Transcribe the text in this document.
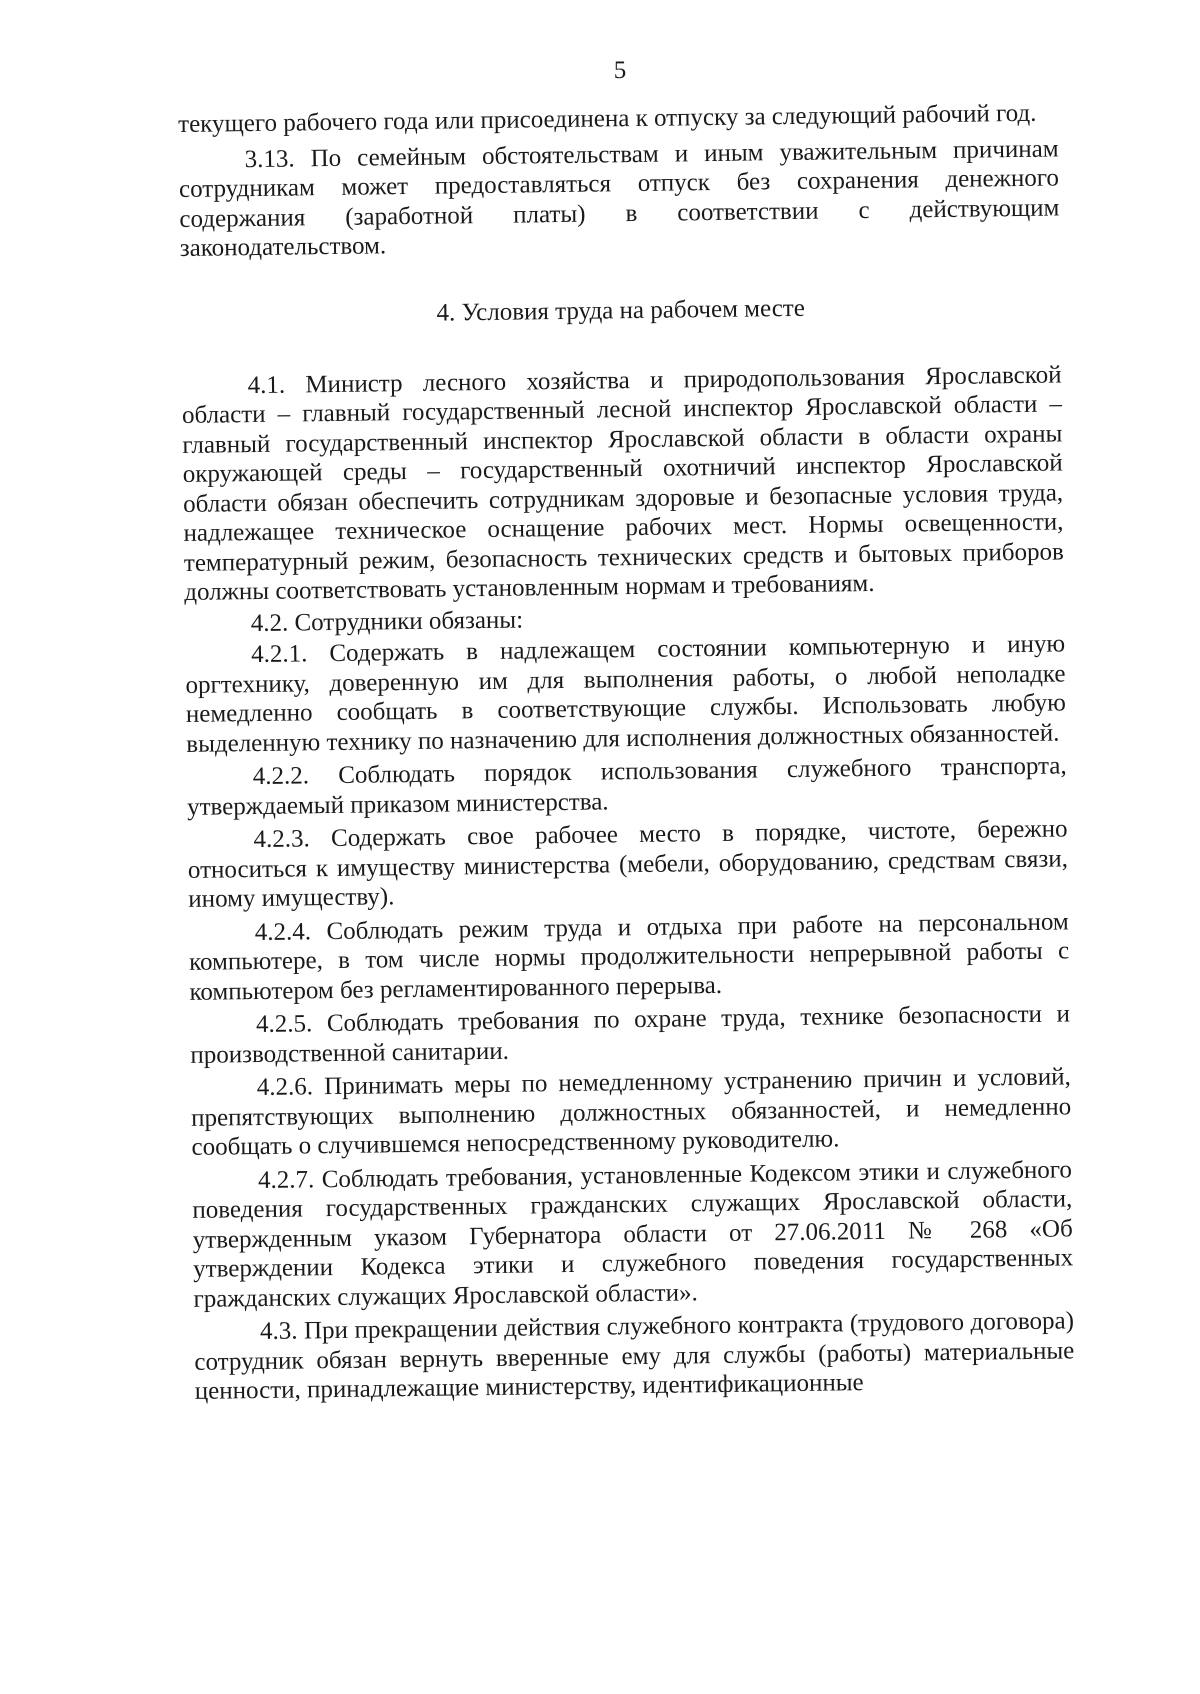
5

текущего рабочего года или присоединена к отпуску за следующий рабочий год.

3.13. По семейным обстоятельствам и иным уважительным причинам сотрудникам может предоставляться отпуск без сохранения денежного содержания (заработной платы) в соответствии с действующим законодательством.

4. Условия труда на рабочем месте

4.1. Министр лесного хозяйства и природопользования Ярославской области – главный государственный лесной инспектор Ярославской области – главный государственный инспектор Ярославской области в области охраны окружающей среды – государственный охотничий инспектор Ярославской области обязан обеспечить сотрудникам здоровые и безопасные условия труда, надлежащее техническое оснащение рабочих мест. Нормы освещенности, температурный режим, безопасность технических средств и бытовых приборов должны соответствовать установленным нормам и требованиям.

4.2. Сотрудники обязаны:

4.2.1. Содержать в надлежащем состоянии компьютерную и иную оргтехнику, доверенную им для выполнения работы, о любой неполадке немедленно сообщать в соответствующие службы. Использовать любую выделенную технику по назначению для исполнения должностных обязанностей.

4.2.2. Соблюдать порядок использования служебного транспорта, утверждаемый приказом министерства.

4.2.3. Содержать свое рабочее место в порядке, чистоте, бережно относиться к имуществу министерства (мебели, оборудованию, средствам связи, иному имуществу).

4.2.4. Соблюдать режим труда и отдыха при работе на персональном компьютере, в том числе нормы продолжительности непрерывной работы с компьютером без регламентированного перерыва.

4.2.5. Соблюдать требования по охране труда, технике безопасности и производственной санитарии.

4.2.6. Принимать меры по немедленному устранению причин и условий, препятствующих выполнению должностных обязанностей, и немедленно сообщать о случившемся непосредственному руководителю.

4.2.7. Соблюдать требования, установленные Кодексом этики и служебного поведения государственных гражданских служащих Ярославской области, утвержденным указом Губернатора области от 27.06.2011 № 268 «Об утверждении Кодекса этики и служебного поведения государственных гражданских служащих Ярославской области».

4.3. При прекращении действия служебного контракта (трудового договора) сотрудник обязан вернуть вверенные ему для службы (работы) материальные ценности, принадлежащие министерству, идентификационные
